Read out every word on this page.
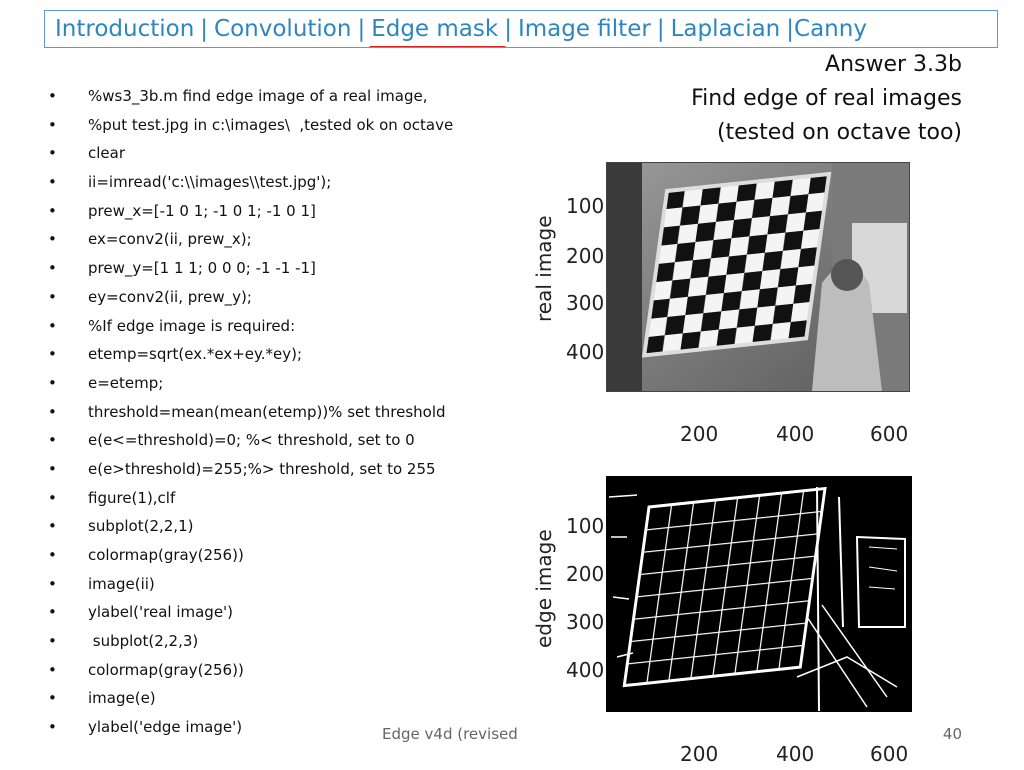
Introduction | Convolution | Edge mask | Image filter | Laplacian | Canny
Answer 3.3b
Find edge of real images
(tested on octave too)
• %ws3_3b.m find edge image of a real image,
• %put test.jpg in c:\images\  ,tested ok on octave
• clear
• ii=imread('c:\\images\\test.jpg');
• prew_x=[-1 0 1; -1 0 1; -1 0 1]
• ex=conv2(ii, prew_x);
• prew_y=[1 1 1; 0 0 0; -1 -1 -1]
• ey=conv2(ii, prew_y);
• %If edge image is required:
• etemp=sqrt(ex.*ex+ey.*ey);
• e=etemp;
• threshold=mean(mean(etemp))% set threshold
• e(e<=threshold)=0; %< threshold, set to 0
• e(e>threshold)=255;%> threshold, set to 255
• figure(1),clf
• subplot(2,2,1)
• colormap(gray(256))
• image(ii)
• ylabel('real image')
•  subplot(2,2,3)
• colormap(gray(256))
• image(e)
• ylabel('edge image')
real image
100
200
300
400
200	400	600
edge image
100
200
300
400
200	400	600
Edge v4d (revised	40
